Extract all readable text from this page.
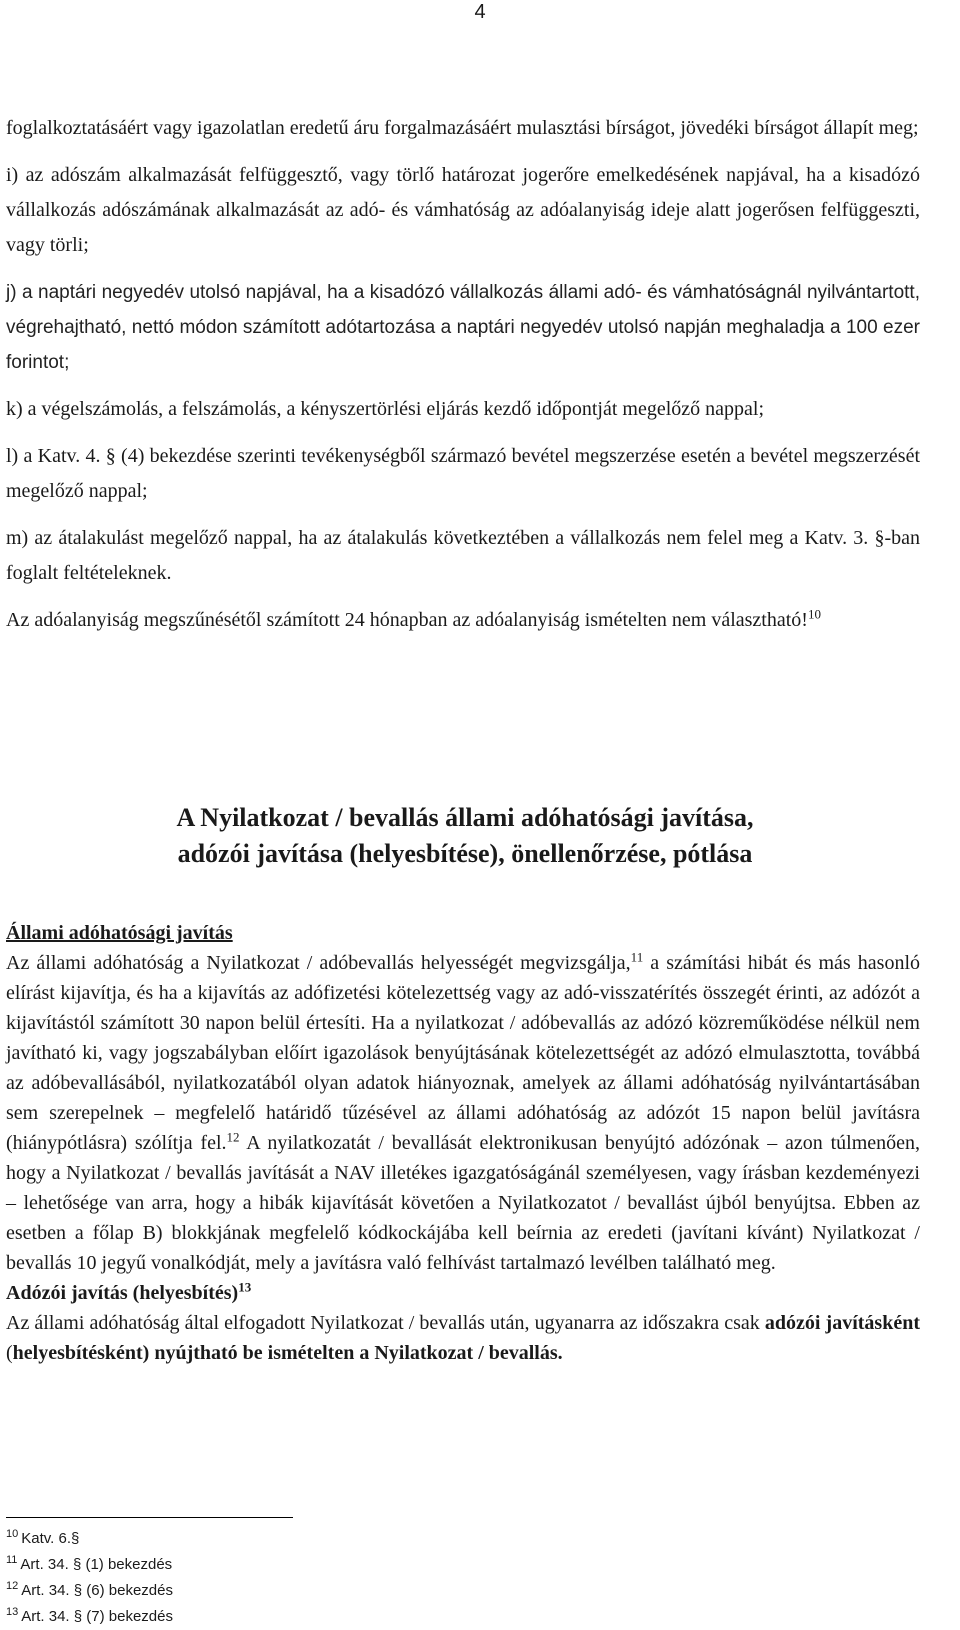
4

foglalkoztatásáért vagy igazolatlan eredetű áru forgalmazásáért mulasztási bírságot, jövedéki bírságot állapít meg;

i) az adószám alkalmazását felfüggesztő, vagy törlő határozat jogerőre emelkedésének napjával, ha a kisadózó vállalkozás adószámának alkalmazását az adó- és vámhatóság az adóalanyiság ideje alatt jogerősen felfüggeszti, vagy törli;

j) a naptári negyedév utolsó napjával, ha a kisadózó vállalkozás állami adó- és vámhatóságnál nyilvántartott, végrehajtható, nettó módon számított adótartozása a naptári negyedév utolsó napján meghaladja a 100 ezer forintot;

k) a végelszámolás, a felszámolás, a kényszertörlési eljárás kezdő időpontját megelőző nappal;

l) a Katv. 4. § (4) bekezdése szerinti tevékenységből származó bevétel megszerzése esetén a bevétel megszerzését megelőző nappal;

m) az átalakulást megelőző nappal, ha az átalakulás következtében a vállalkozás nem felel meg a Katv. 3. §-ban foglalt feltételeknek.

Az adóalanyiság megszűnésétől számított 24 hónapban az adóalanyiság ismételten nem választható!$^{10}$

A Nyilatkozat / bevallás állami adóhatósági javítása,
adózói javítása (helyesbítése), önellenőrzése, pótlása

Állami adóhatósági javítás

Az állami adóhatóság a Nyilatkozat / adóbevallás helyességét megvizsgálja,$^{11}$ a számítási hibát és más hasonló elírást kijavítja, és ha a kijavítás az adófizetési kötelezettség vagy az adó-visszatérítés összegét érinti, az adózót a kijavítástól számított 30 napon belül értesíti. Ha a nyilatkozat / adóbevallás az adózó közreműködése nélkül nem javítható ki, vagy jogszabályban előírt igazolások benyújtásának kötelezettségét az adózó elmulasztotta, továbbá az adóbevallásából, nyilatkozatából olyan adatok hiányoznak, amelyek az állami adóhatóság nyilvántartásában sem szerepelnek – megfelelő határidő tűzésével az állami adóhatóság az adózót 15 napon belül javításra (hiánypótlásra) szólítja fel.$^{12}$ A nyilatkozatát / bevallását elektronikusan benyújtó adózónak – azon túlmenően, hogy a Nyilatkozat / bevallás javítását a NAV illetékes igazgatóságánál személyesen, vagy írásban kezdeményezi – lehetősége van arra, hogy a hibák kijavítását követően a Nyilatkozatot / bevallást újból benyújtsa. Ebben az esetben a főlap B) blokkjának megfelelő kódkockájába kell beírnia az eredeti (javítani kívánt) Nyilatkozat / bevallás 10 jegyű vonalkódját, mely a javításra való felhívást tartalmazó levélben található meg.

Adózói javítás (helyesbítés)$^{13}$

Az állami adóhatóság által elfogadott Nyilatkozat / bevallás után, ugyanarra az időszakra csak adózói javításként (helyesbítésként) nyújtható be ismételten a Nyilatkozat / bevallás.

$^{10}$ Katv. 6.§
$^{11}$ Art. 34. § (1) bekezdés
$^{12}$ Art. 34. § (6) bekezdés
$^{13}$ Art. 34. § (7) bekezdés
